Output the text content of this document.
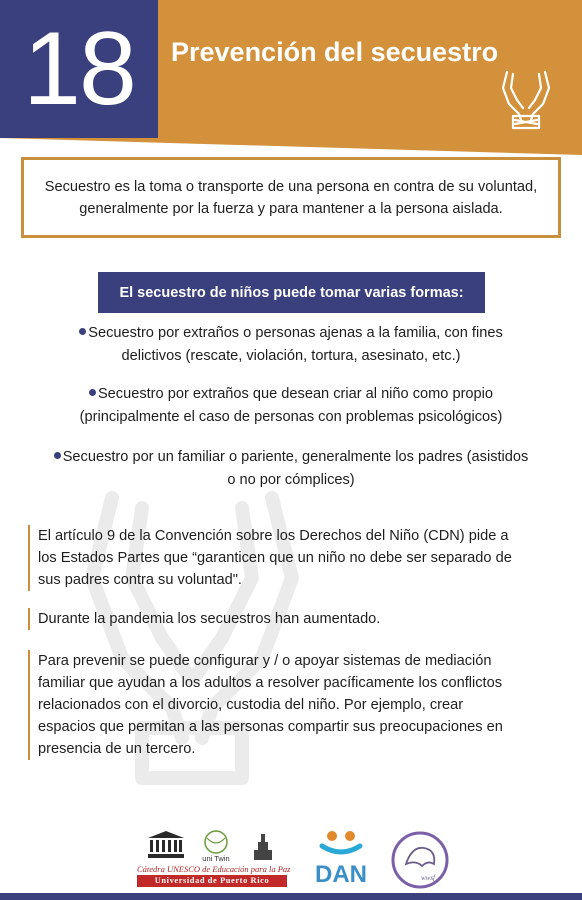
18 Prevención del secuestro

Secuestro es la toma o transporte de una persona en contra de su voluntad, generalmente por la fuerza y para mantener a la persona aislada.

El secuestro de niños puede tomar varias formas:
Secuestro por extraños o personas ajenas a la familia, con fines
delictivos (rescate, violación, tortura, asesinato, etc.)
Secuestro por extraños que desean criar al niño como propio
(principalmente el caso de personas con problemas psicológicos)
Secuestro por un familiar o pariente, generalmente los padres (asistidos
o no por cómplices)
El artículo 9 de la Convención sobre los Derechos del Niño (CDN) pide a
los Estados Partes que “garanticen que un niño no debe ser separado de
sus padres contra su voluntad".
Durante la pandemia los secuestros han aumentado.
Para prevenir se puede configurar y / o apoyar sistemas de mediación
familiar que ayudan a los adultos a resolver pacíficamente los conflictos
relacionados con el divorcio, custodia del niño. Por ejemplo, crear
espacios que permitan a las personas compartir sus preocupaciones en
presencia de un tercero.
uni Twin
Cátedra UNESCO de Educación para la Paz
Universidad de Puerto Rico	DAN	wwsf
